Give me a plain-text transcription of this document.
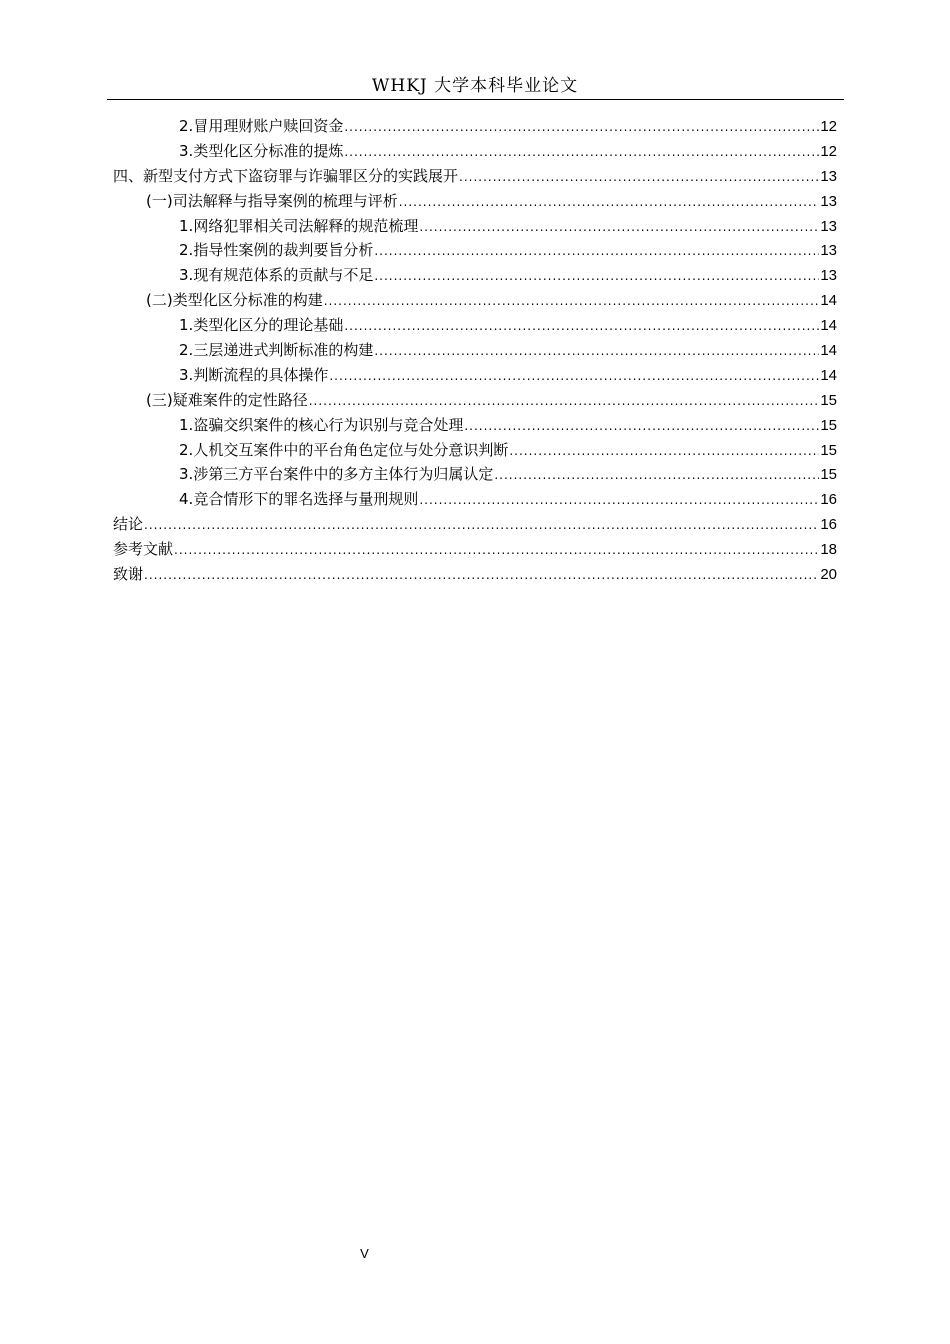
WHKJ 大学本科毕业论文
2. 冒用理财账户赎回资金 .....	12
3. 类型化区分标准的提炼 .....	12
四、新型支付方式下盗窃罪与诈骗罪区分的实践展开 .....	13
(一)司法解释与指导案例的梳理与评析 .....	13
1. 网络犯罪相关司法解释的规范梳理 .....	13
2. 指导性案例的裁判要旨分析 .....	13
3. 现有规范体系的贡献与不足 .....	13
(二)类型化区分标准的构建 .....	14
1. 类型化区分的理论基础 .....	14
2. 三层递进式判断标准的构建 .....	14
3. 判断流程的具体操作 .....	14
(三)疑难案件的定性路径 .....	15
1. 盗骗交织案件的核心行为识别与竞合处理 .....	15
2. 人机交互案件中的平台角色定位与处分意识判断 .....	15
3. 涉第三方平台案件中的多方主体行为归属认定 .....	15
4. 竞合情形下的罪名选择与量刑规则 .....	16
结论 .....	16
参考文献 .....	18
致谢 .....	20
V
